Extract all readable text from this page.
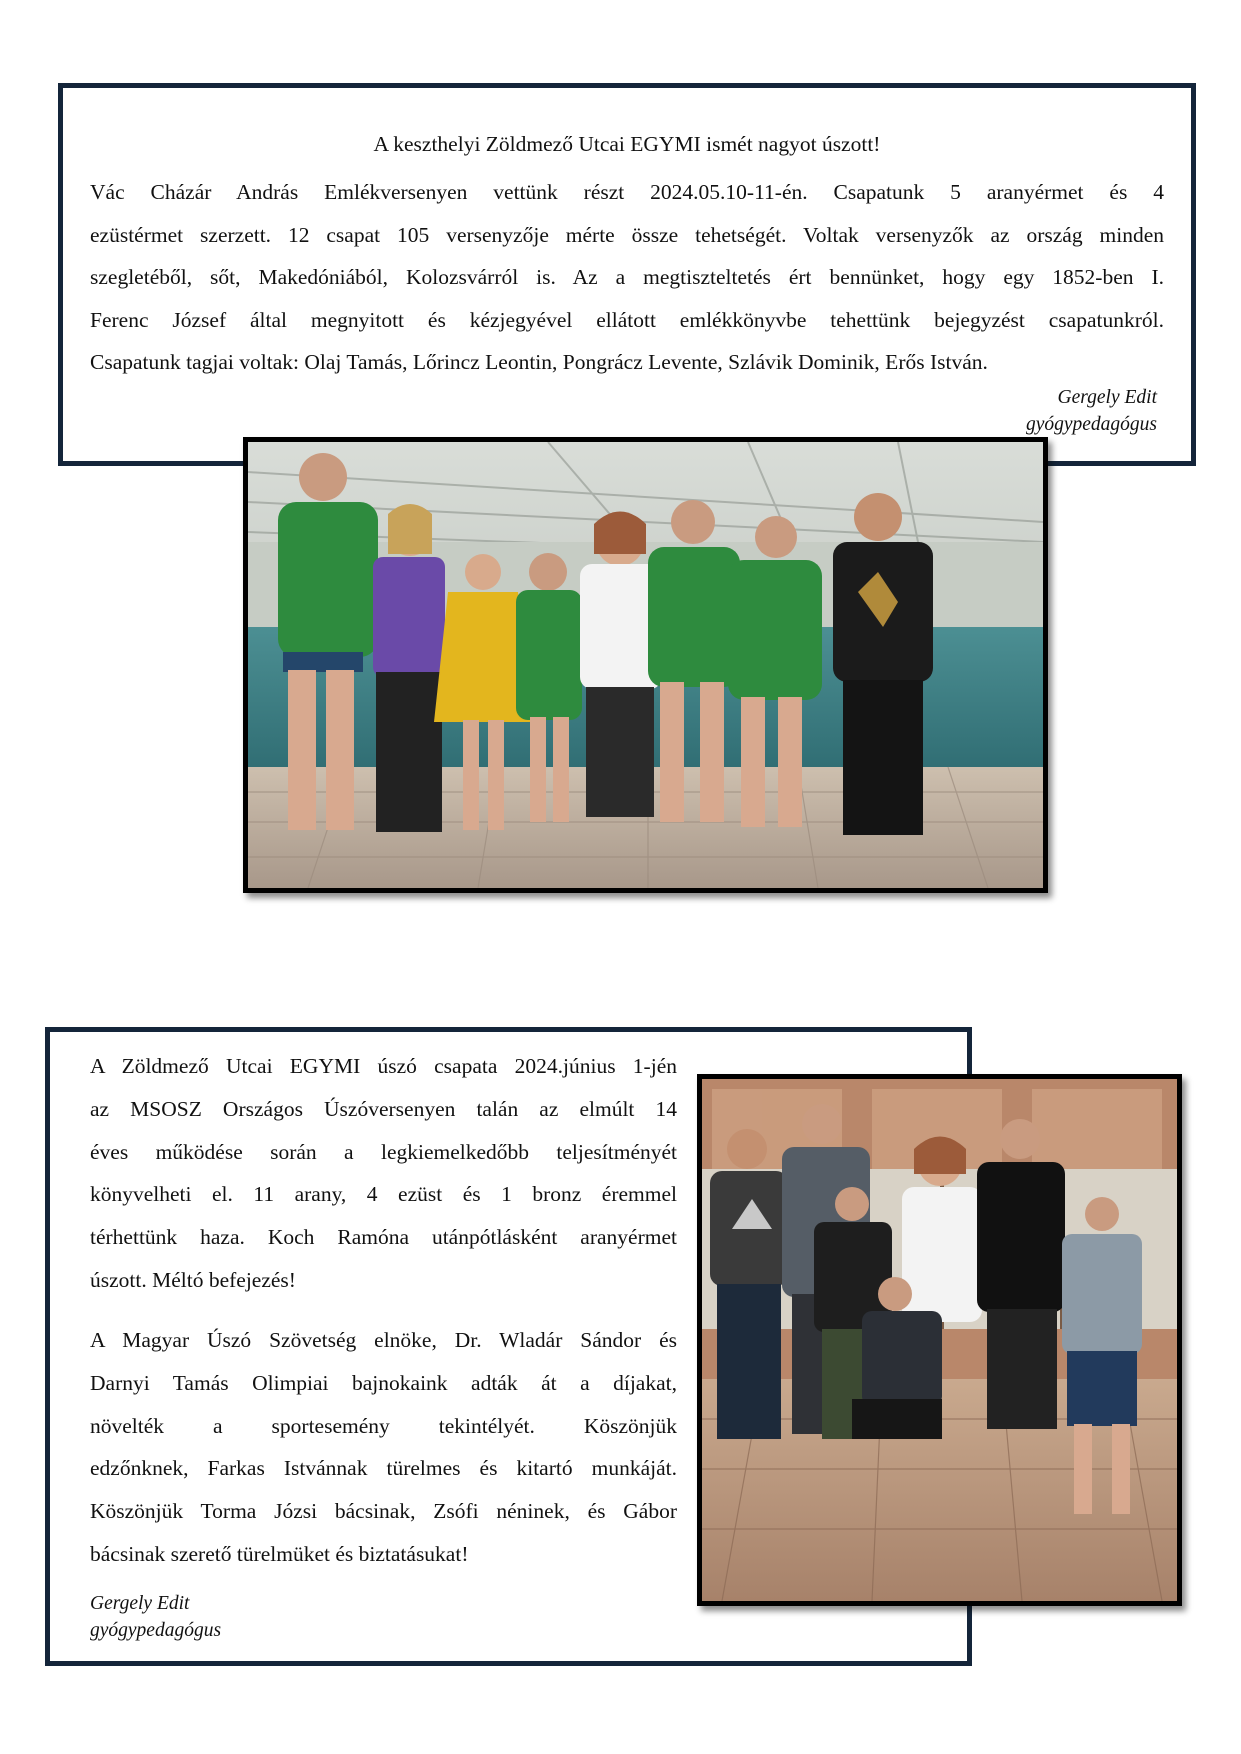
A keszthelyi Zöldmező Utcai EGYMI ismét nagyot úszott!

Vác Cházár András Emlékversenyen vettünk részt 2024.05.10-11-én. Csapatunk 5 aranyérmet és 4
ezüstérmet szerzett. 12 csapat 105 versenyzője mérte össze tehetségét. Voltak versenyzők az ország minden
szegletéből, sőt, Makedóniából, Kolozsvárról is. Az a megtiszteltetés ért bennünket, hogy egy 1852-ben I.
Ferenc József által megnyitott és kézjegyével ellátott emlékkönyvbe tehettünk bejegyzést csapatunkról.
Csapatunk tagjai voltak: Olaj Tamás, Lőrincz Leontin, Pongrácz Levente, Szlávik Dominik, Erős István.

Gergely Edit
gyógypedagógus

A Zöldmező Utcai EGYMI úszó csapata 2024.június 1-jén
az MSOSZ Országos Úszóversenyen talán az elmúlt 14
éves működése során a legkiemelkedőbb teljesítményét
könyvelheti el. 11 arany, 4 ezüst és 1 bronz éremmel
térhettünk haza. Koch Ramóna utánpótlásként aranyérmet
úszott. Méltó befejezés!

A Magyar Úszó Szövetség elnöke, Dr. Wladár Sándor és
Darnyi Tamás Olimpiai bajnokaink adták át a díjakat,
növelték a sportesemény tekintélyét. Köszönjük
edzőnknek, Farkas Istvánnak türelmes és kitartó munkáját.
Köszönjük Torma Józsi bácsinak, Zsófi néninek, és Gábor
bácsinak szerető türelmüket és biztatásukat!

Gergely Edit
gyógypedagógus
